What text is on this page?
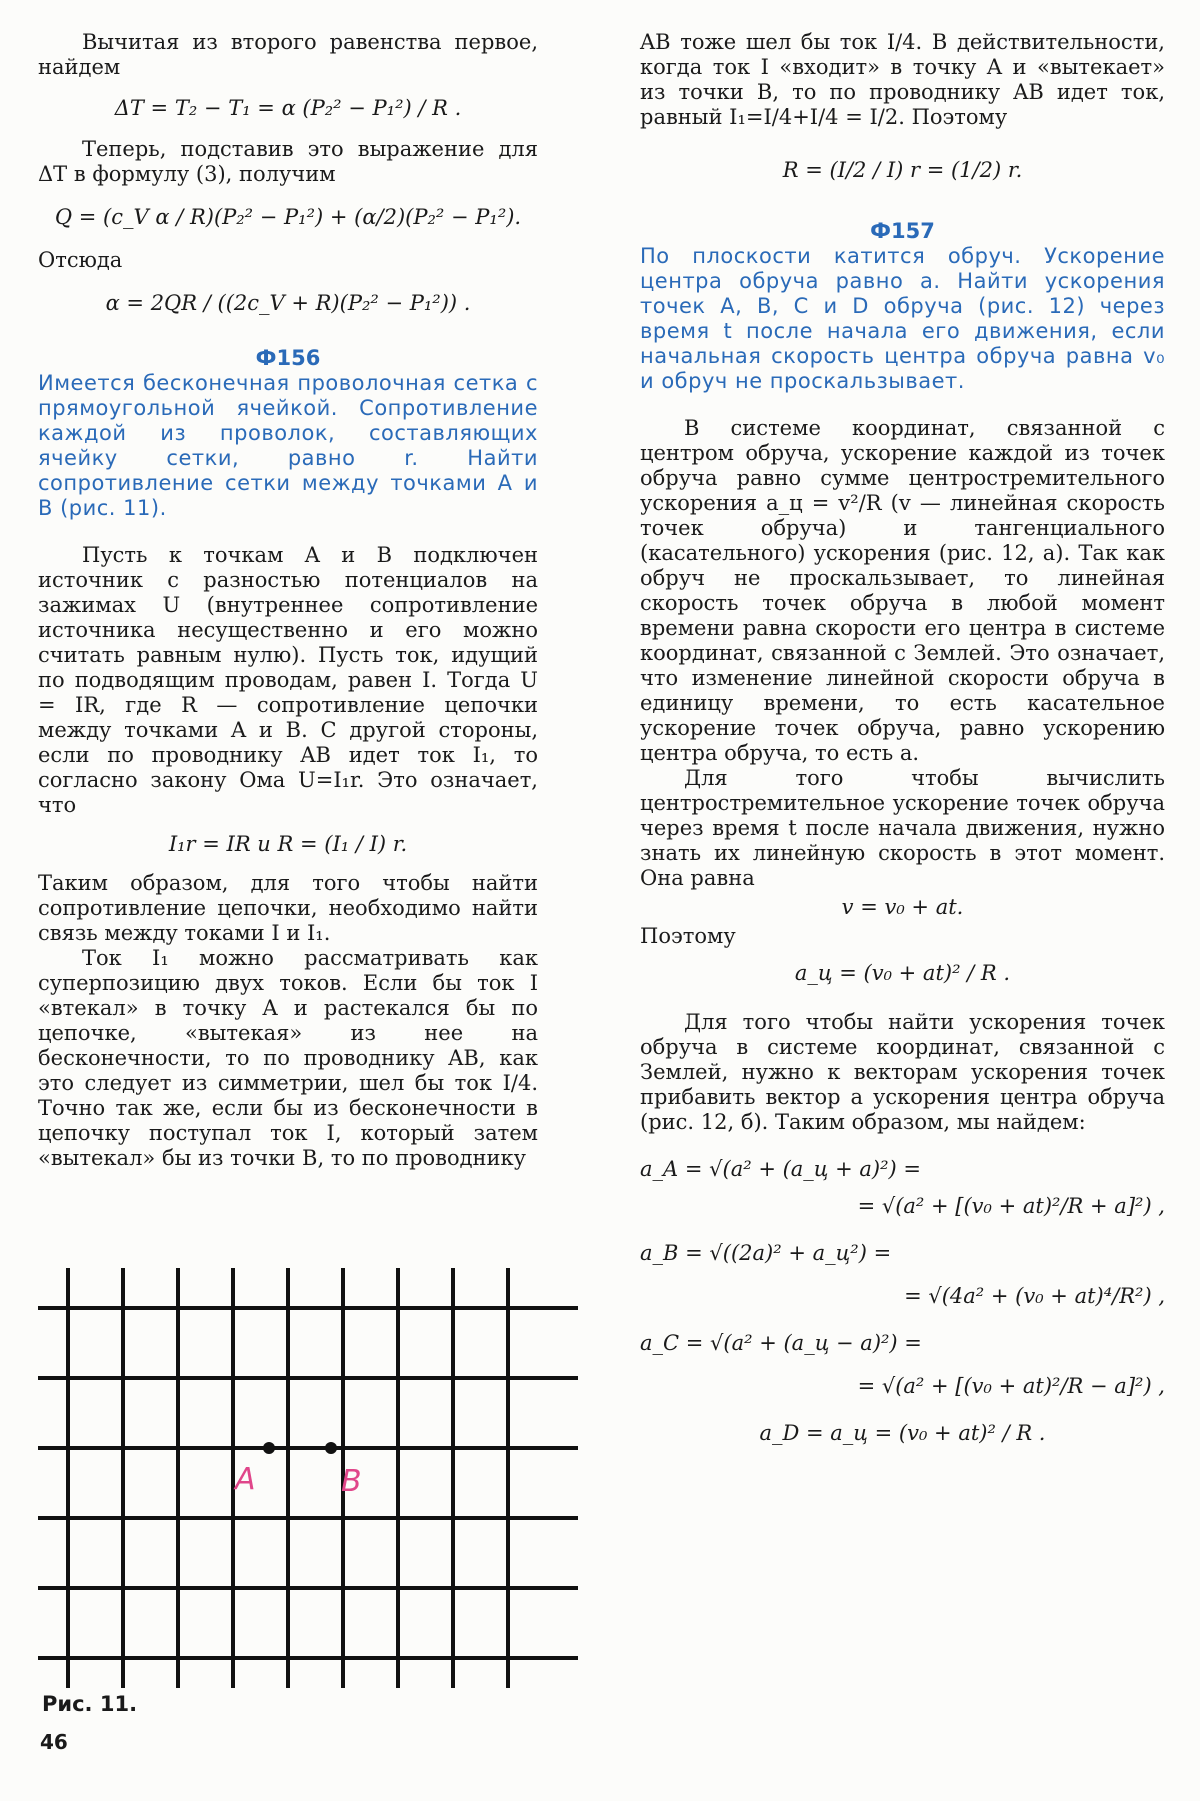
Вычитая из второго равенства первое, найдем

ΔT = T₂ − T₁ = α (P₂² − P₁²) / R .

Теперь, подставив это выражение для ΔT в формулу (3), получим

Q = (c_V α / R)(P₂² − P₁²) + (α/2)(P₂² − P₁²).

Отсюда

α = 2QR / ((2c_V + R)(P₂² − P₁²)) .
Ф156

Имеется бесконечная проволочная сетка с прямоугольной ячейкой. Сопротивление каждой из проволок, составляющих ячейку сетки, равно r. Найти сопротивление сетки между точками A и B (рис. 11).

Пусть к точкам A и B подключен источник с разностью потенциалов на зажимах U (внутреннее сопротивление источника несущественно и его можно считать равным нулю). Пусть ток, идущий по подводящим проводам, равен I. Тогда U = IR, где R — сопротивление цепочки между точками A и B. С другой стороны, если по проводнику AB идет ток I₁, то согласно закону Ома U=I₁r. Это означает, что

I₁r = IR и R = (I₁ / I) r.

Таким образом, для того чтобы найти сопротивление цепочки, необходимо найти связь между токами I и I₁.

Ток I₁ можно рассматривать как суперпозицию двух токов. Если бы ток I «втекал» в точку A и растекался бы по цепочке, «вытекая» из нее на бесконечности, то по проводнику AB, как это следует из симметрии, шел бы ток I/4. Точно так же, если бы из бесконечности в цепочку поступал ток I, который затем «вытекал» бы из точки B, то по проводнику

AB тоже шел бы ток I/4. В действительности, когда ток I «входит» в точку A и «вытекает» из точки B, то по проводнику AB идет ток, равный I₁=I/4+I/4 = I/2. Поэтому

R = (I/2 / I) r = (1/2) r.
Ф157

По плоскости катится обруч. Ускорение центра обруча равно a. Найти ускорения точек A, B, C и D обруча (рис. 12) через время t после начала его движения, если начальная скорость центра обруча равна v₀ и обруч не проскальзывает.

В системе координат, связанной с центром обруча, ускорение каждой из точек обруча равно сумме центростремительного ускорения a_ц = v²/R (v — линейная скорость точек обруча) и тангенциального (касательного) ускорения (рис. 12, а). Так как обруч не проскальзывает, то линейная скорость точек обруча в любой момент времени равна скорости его центра в системе координат, связанной с Землей. Это означает, что изменение линейной скорости обруча в единицу времени, то есть касательное ускорение точек обруча, равно ускорению центра обруча, то есть a.

Для того чтобы вычислить центростремительное ускорение точек обруча через время t после начала движения, нужно знать их линейную скорость в этот момент. Она равна

v = v₀ + at.

Поэтому

a_ц = (v₀ + at)² / R .

Для того чтобы найти ускорения точек обруча в системе координат, связанной с Землей, нужно к векторам ускорения точек прибавить вектор a ускорения центра обруча (рис. 12, б). Таким образом, мы найдем:

a_A = √(a² + (a_ц + a)²) =
= √(a² + [(v₀ + at)²/R + a]²) ,
a_B = √((2a)² + a_ц²) =
= √(4a² + (v₀ + at)⁴/R²) ,
a_C = √(a² + (a_ц − a)²) =
= √(a² + [(v₀ + at)²/R − a]²) ,
a_D = a_ц = (v₀ + at)² / R .
A	B
Рис. 11.
46
